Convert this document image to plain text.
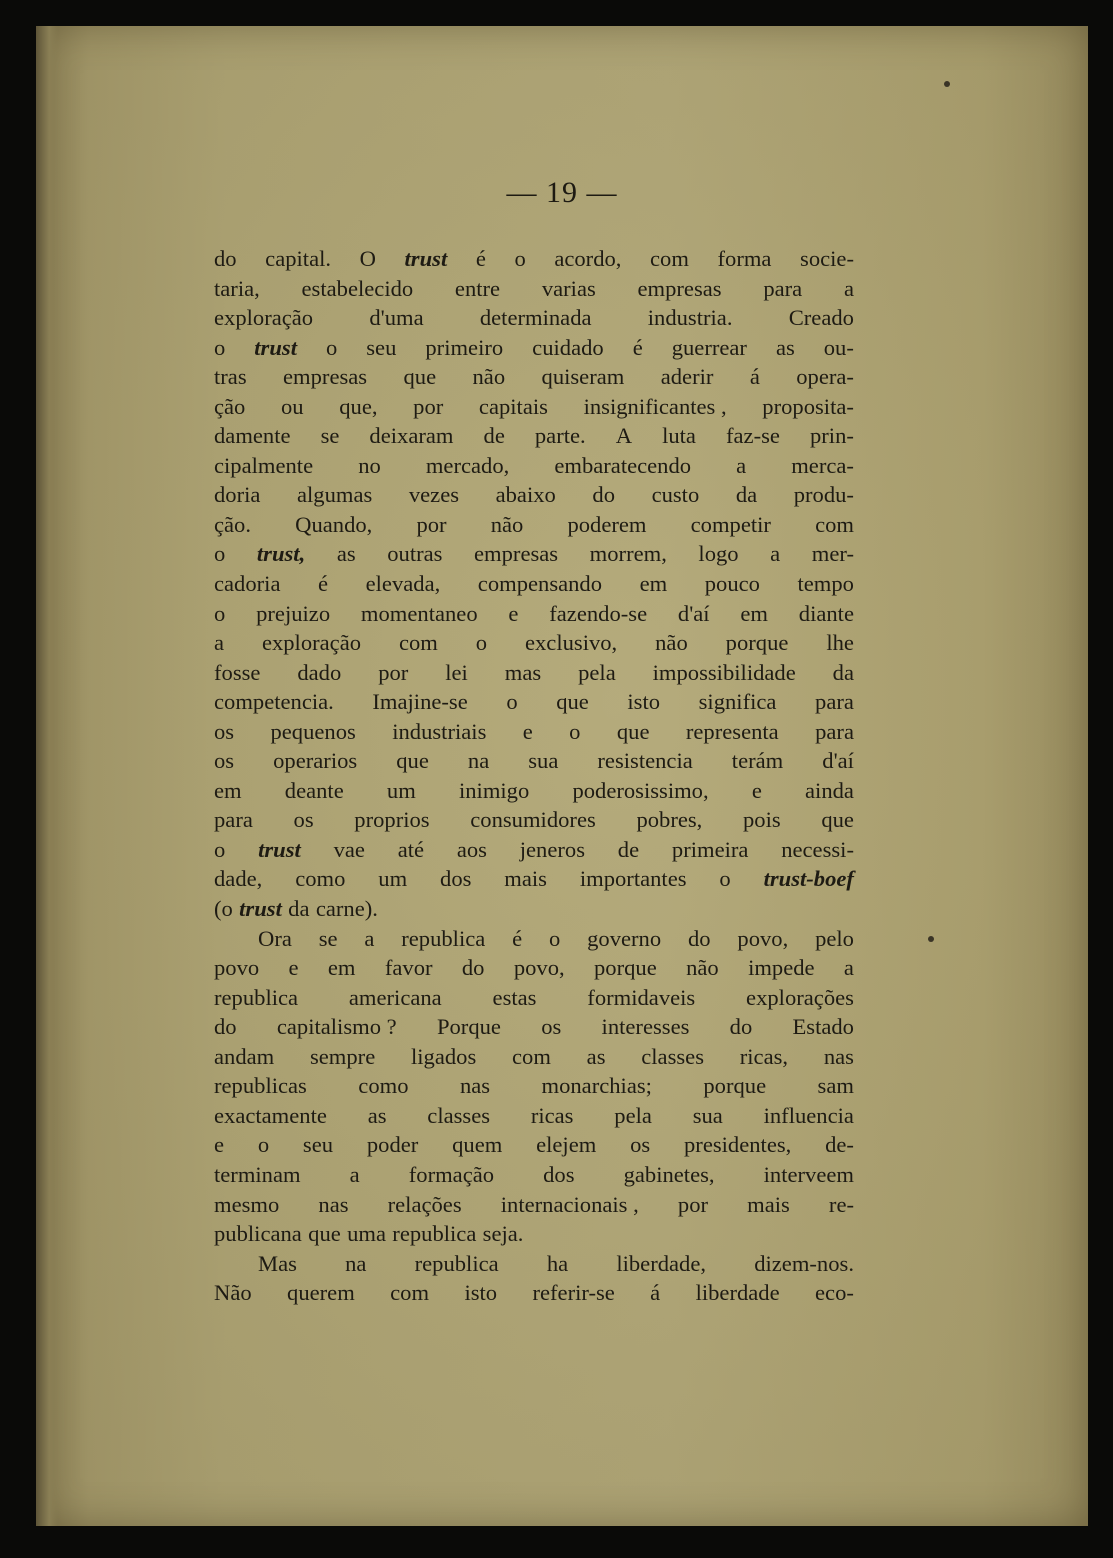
— 19 —
do capital. O trust é o acordo, com forma socie-
taria, estabelecido entre varias empresas para a
exploração d'uma determinada industria. Creado
o trust o seu primeiro cuidado é guerrear as ou-
tras empresas que não quiseram aderir á opera-
ção ou que, por capitais insignificantes , proposita-
damente se deixaram de parte. A luta faz-se prin-
cipalmente no mercado, embaratecendo a merca-
doria algumas vezes abaixo do custo da produ-
ção. Quando, por não poderem competir com
o trust, as outras empresas morrem, logo a mer-
cadoria é elevada, compensando em pouco tempo
o prejuizo momentaneo e fazendo-se d'aí em diante
a exploração com o exclusivo, não porque lhe
fosse dado por lei mas pela impossibilidade da
competencia. Imajine-se o que isto significa para
os pequenos industriais e o que representa para
os operarios que na sua resistencia terám d'aí
em deante um inimigo poderosissimo, e ainda
para os proprios consumidores pobres, pois que
o trust vae até aos jeneros de primeira necessi-
dade, como um dos mais importantes o trust-boef
(o trust da carne).
Ora se a republica é o governo do povo, pelo
povo e em favor do povo, porque não impede a
republica americana estas formidaveis explorações
do capitalismo ? Porque os interesses do Estado
andam sempre ligados com as classes ricas, nas
republicas como nas monarchias; porque sam
exactamente as classes ricas pela sua influencia
e o seu poder quem elejem os presidentes, de-
terminam a formação dos gabinetes, interveem
mesmo nas relações internacionais , por mais re-
publicana que uma republica seja.
Mas na republica ha liberdade, dizem-nos.
Não querem com isto referir-se á liberdade eco-
